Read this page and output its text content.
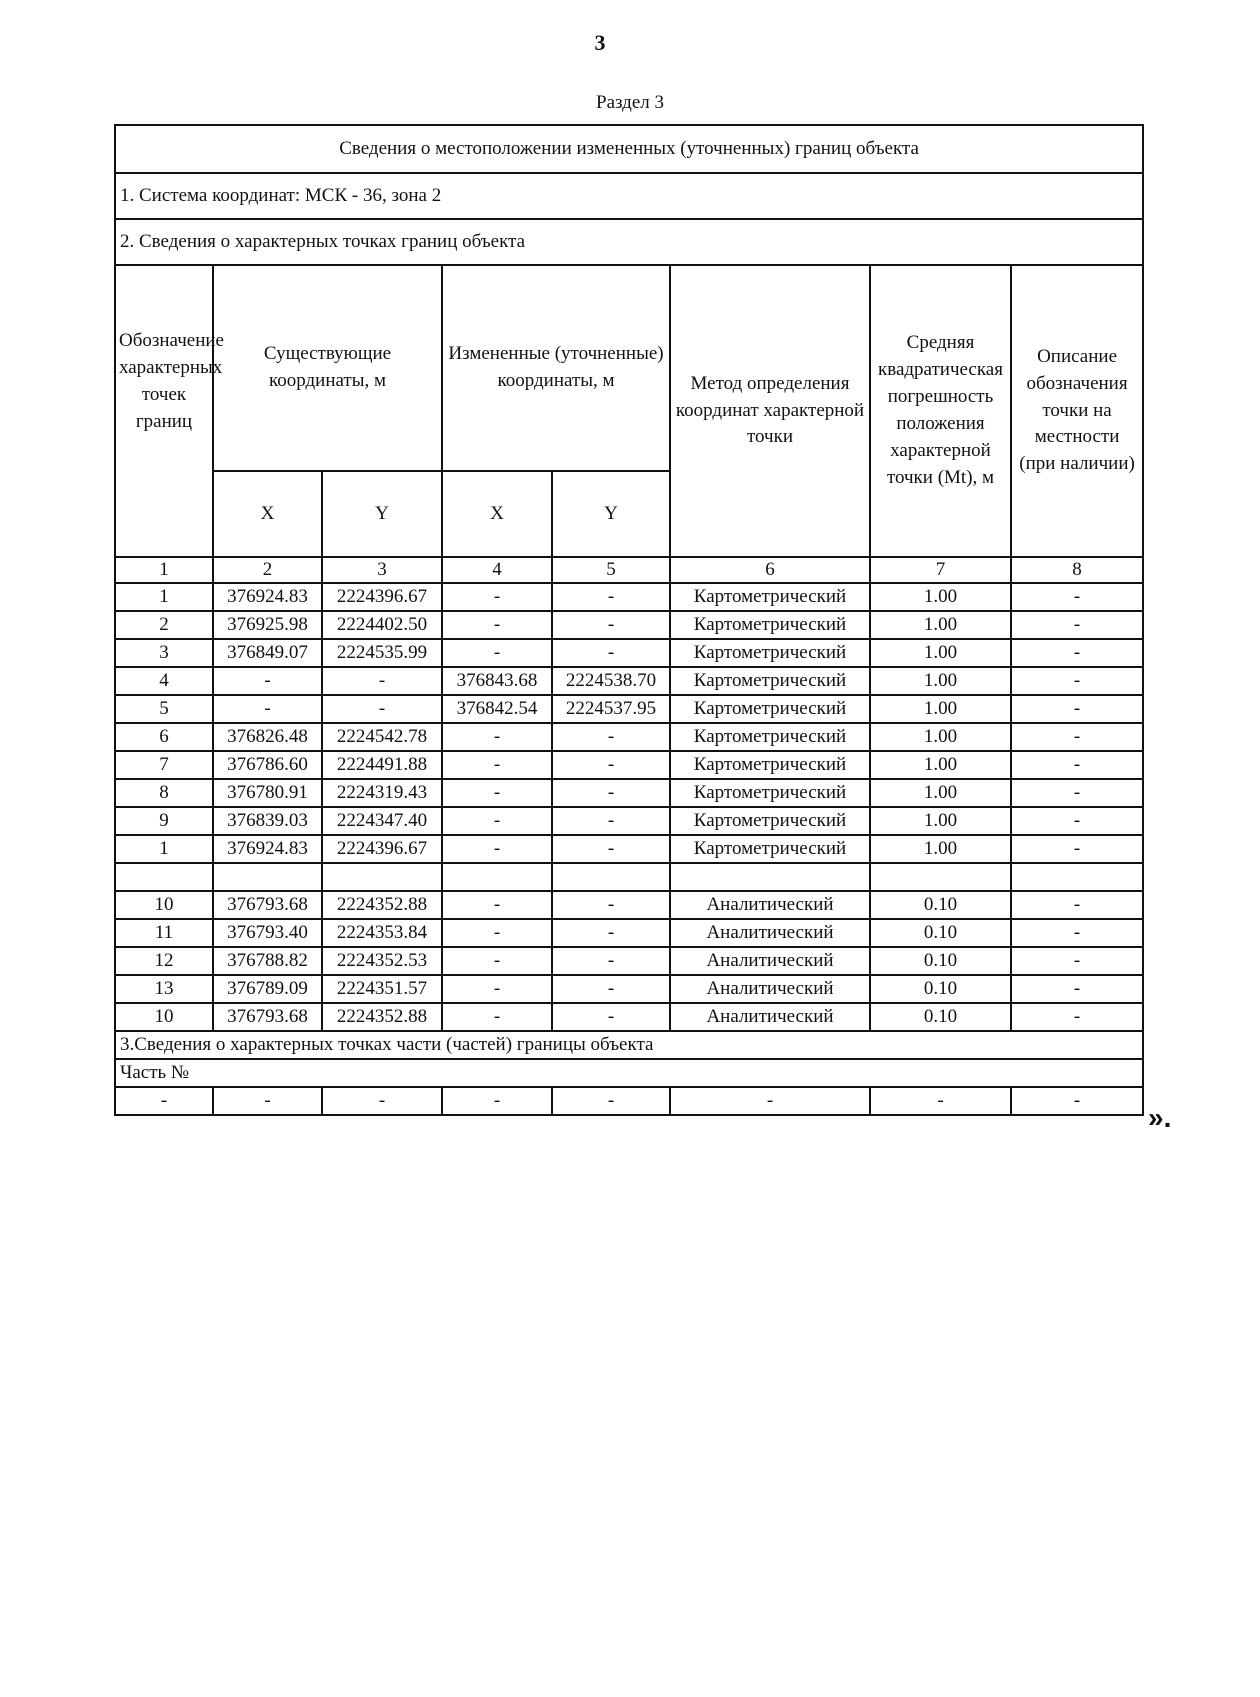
3
Раздел 3
Сведения о местоположении измененных (уточненных) границ объекта							
1. Система координат: МСК - 36, зона 2							
2. Сведения о характерных точках границ объекта							
Обозначение характерных точек границ	Существующие координаты, м		Измененные (уточненные) координаты, м		Метод определения координат характерной точки	Средняя квадратическая погрешность положения характерной точки (Mt), м	Описание обозначения точки на местности (при наличии)
	X	Y	X	Y			
1	2	3	4	5	6	7	8
1	376924.83	2224396.67	-	-	Картометрический	1.00	-
2	376925.98	2224402.50	-	-	Картометрический	1.00	-
3	376849.07	2224535.99	-	-	Картометрический	1.00	-
4	-	-	376843.68	2224538.70	Картометрический	1.00	-
5	-	-	376842.54	2224537.95	Картометрический	1.00	-
6	376826.48	2224542.78	-	-	Картометрический	1.00	-
7	376786.60	2224491.88	-	-	Картометрический	1.00	-
8	376780.91	2224319.43	-	-	Картометрический	1.00	-
9	376839.03	2224347.40	-	-	Картометрический	1.00	-
1	376924.83	2224396.67	-	-	Картометрический	1.00	-

10	376793.68	2224352.88	-	-	Аналитический	0.10	-
11	376793.40	2224353.84	-	-	Аналитический	0.10	-
12	376788.82	2224352.53	-	-	Аналитический	0.10	-
13	376789.09	2224351.57	-	-	Аналитический	0.10	-
10	376793.68	2224352.88	-	-	Аналитический	0.10	-
3.Сведения о характерных точках части (частей) границы объекта							
Часть №							
-	-	-	-	-	-	-	-
».
